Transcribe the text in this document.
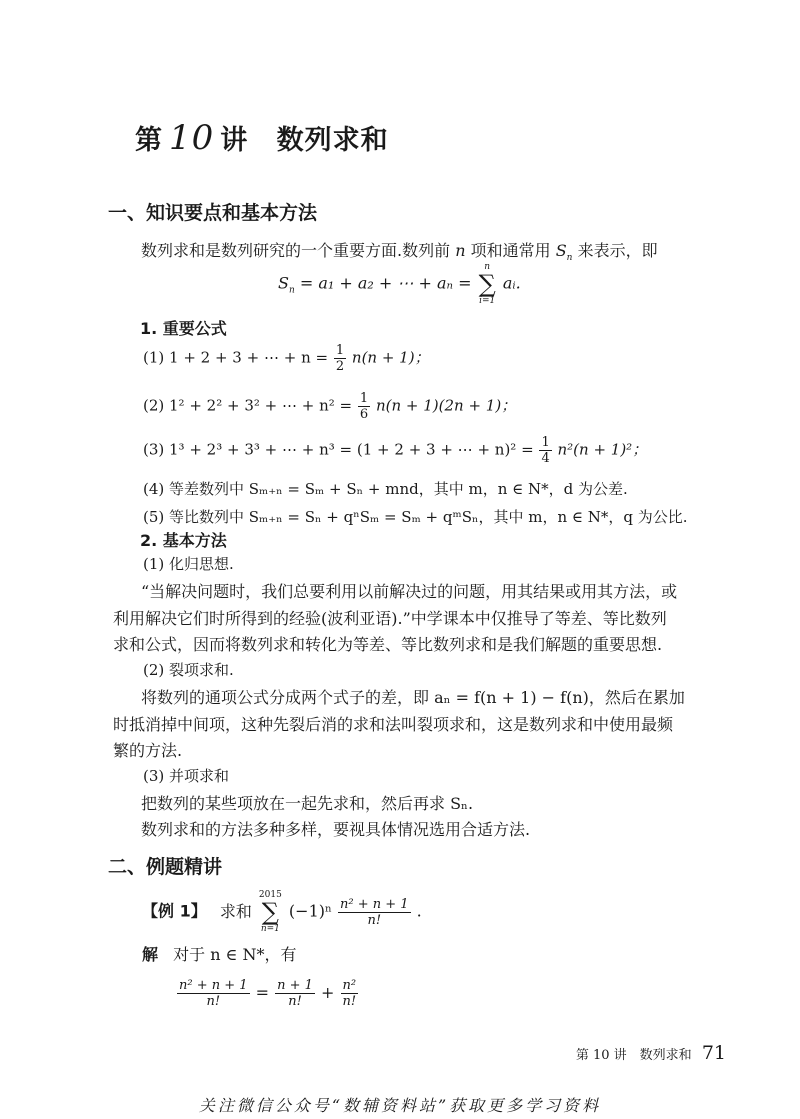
第 10 讲 数列求和
一、知识要点和基本方法
数列求和是数列研究的一个重要方面.数列前 n 项和通常用 $S_n$ 来表示，即
$S_n = a_1 + a_2$ + ⋯ + aₙ =
n
∑
i=1
aᵢ.
1. 重要公式
(1) 1 + 2 + 3 + ⋯ + $n = \frac{1}{2} n(n + 1)$；
(2) 1² + 2² + 3² + ⋯ + $n^2 = \frac{1}{6} n(n + 1)(2n + 1)$；
(3) 1³ + 2³ + 3³ + ⋯ + n³ = (1 + 2 + 3 + ⋯ + $n)^2 = \frac{1}{4} n^2(n + 1)^2$；
(4) 等差数列中 Sₘ₊ₙ = Sₘ + Sₙ + mnd，其中 m，n ∈ N*，d 为公差.
(5) 等比数列中 Sₘ₊ₙ = Sₙ + qⁿSₘ = Sₘ + qᵐSₙ，其中 m，n ∈ N*，q 为公比.
2. 基本方法
(1) 化归思想.
“当解决问题时，我们总要利用以前解决过的问题，用其结果或用其方法，或
利用解决它们时所得到的经验(波利亚语).”中学课本中仅推导了等差、等比数列
求和公式，因而将数列求和转化为等差、等比数列求和是我们解题的重要思想.
(2) 裂项求和.
将数列的通项公式分成两个式子的差，即 aₙ = f(n + 1) − f(n)，然后在累加
时抵消掉中间项，这种先裂后消的求和法叫裂项求和，这是数列求和中使用最频
繁的方法.
(3) 并项求和
把数列的某些项放在一起先求和，然后再求 Sₙ.
数列求和的方法多种多样，要视具体情况选用合适方法.
二、例题精讲
【例 1】 求和
2015
∑
n=1
$(-1)^n \frac{\text{n² + n + 1}}{n!}$ .
解 对于 n ∈ N*，有
$\frac{\text{n² + n + 1}}{n!} = \frac{n + 1}{n!} + \frac{\text{n²}}{n!}$
第 10 讲　数列求和 71
关注微信公众号“数辅资料站”获取更多学习资料
